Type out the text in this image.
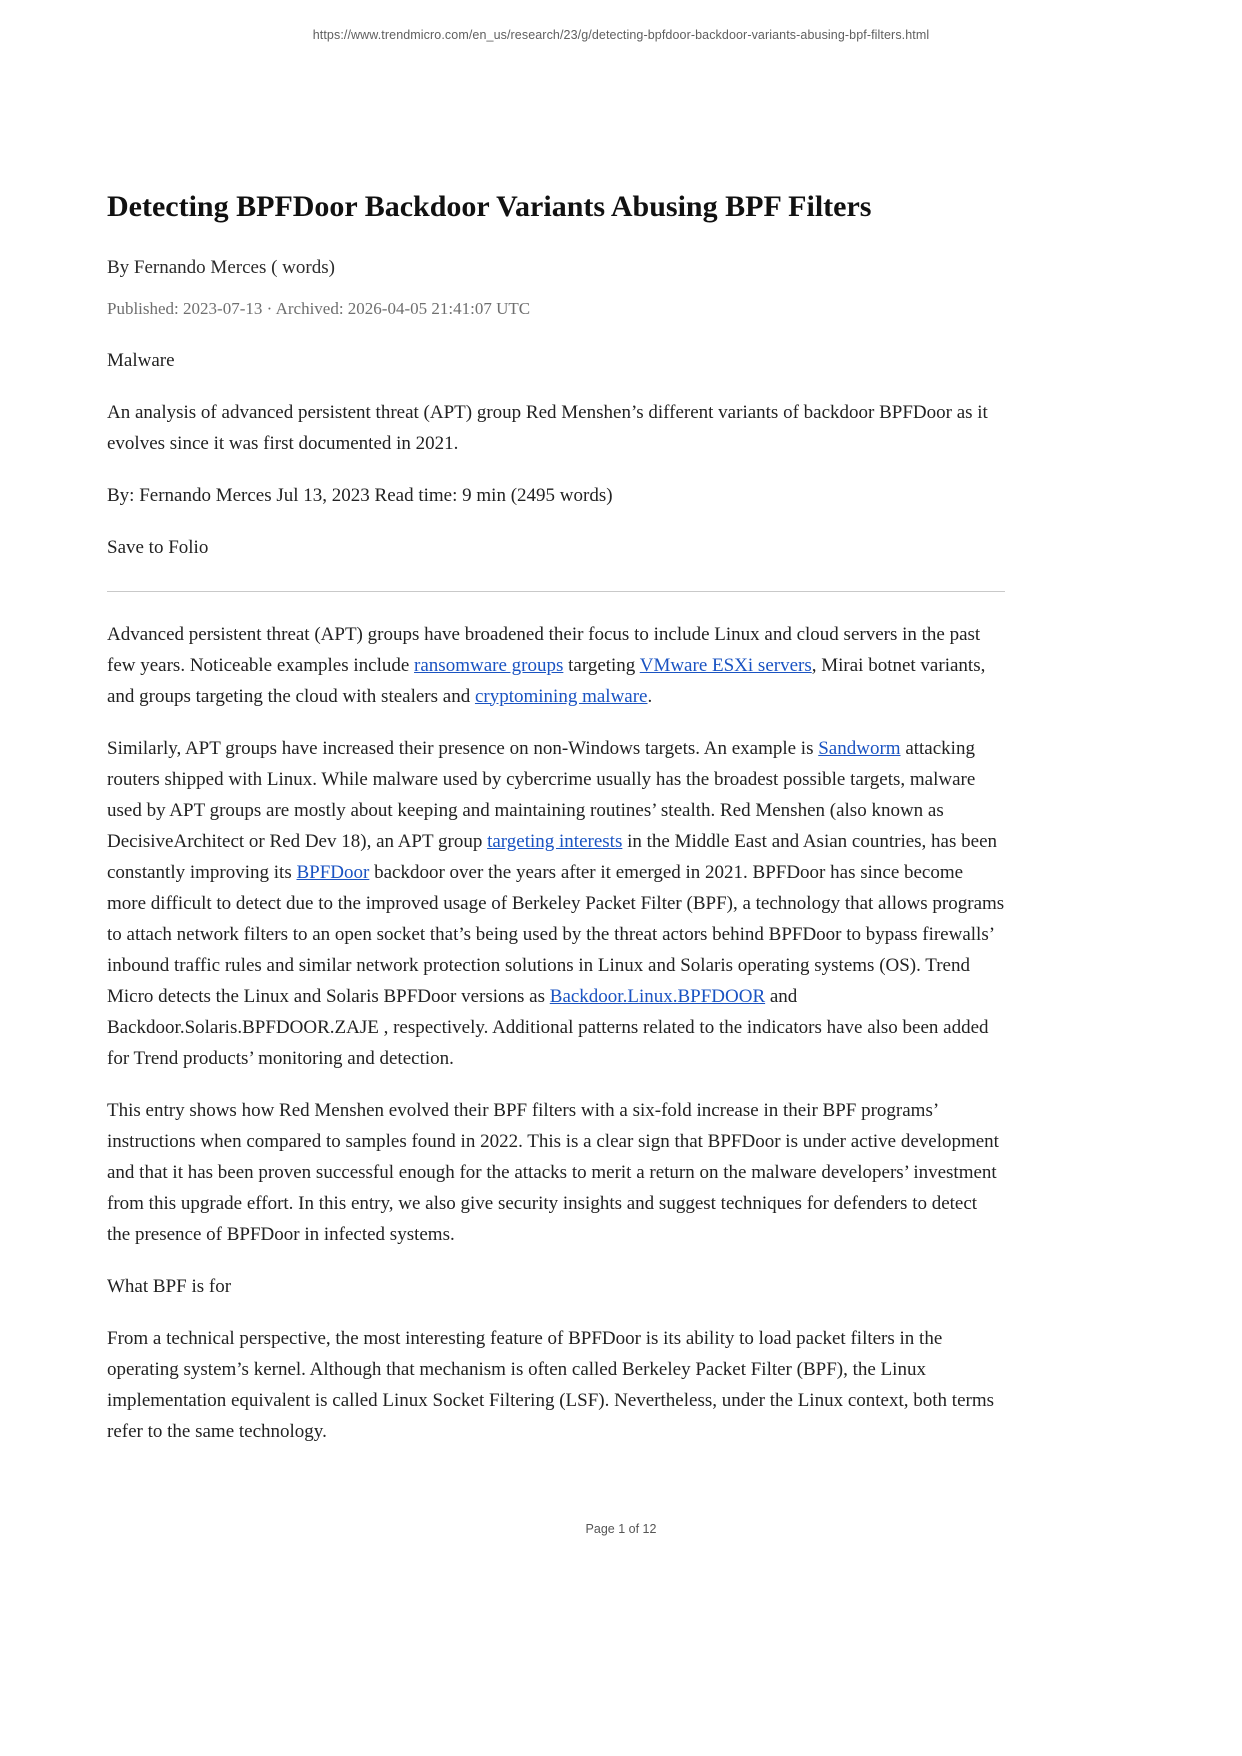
https://www.trendmicro.com/en_us/research/23/g/detecting-bpfdoor-backdoor-variants-abusing-bpf-filters.html
Detecting BPFDoor Backdoor Variants Abusing BPF Filters

By Fernando Merces ( words)

Published: 2023-07-13 · Archived: 2026-04-05 21:41:07 UTC

Malware

An analysis of advanced persistent threat (APT) group Red Menshen’s different variants of backdoor BPFDoor as it evolves since it was first documented in 2021.

By: Fernando Merces Jul 13, 2023 Read time: 9 min (2495 words)

Save to Folio

Advanced persistent threat (APT) groups have broadened their focus to include Linux and cloud servers in the past few years. Noticeable examples include ransomware groups targeting VMware ESXi servers, Mirai botnet variants, and groups targeting the cloud with stealers and cryptomining malware.

Similarly, APT groups have increased their presence on non-Windows targets. An example is Sandworm attacking routers shipped with Linux. While malware used by cybercrime usually has the broadest possible targets, malware used by APT groups are mostly about keeping and maintaining routines’ stealth. Red Menshen (also known as DecisiveArchitect or Red Dev 18), an APT group targeting interests in the Middle East and Asian countries, has been constantly improving its BPFDoor backdoor over the years after it emerged in 2021. BPFDoor has since become more difficult to detect due to the improved usage of Berkeley Packet Filter (BPF), a technology that allows programs to attach network filters to an open socket that’s being used by the threat actors behind BPFDoor to bypass firewalls’ inbound traffic rules and similar network protection solutions in Linux and Solaris operating systems (OS). Trend Micro detects the Linux and Solaris BPFDoor versions as Backdoor.Linux.BPFDOOR and Backdoor.Solaris.BPFDOOR.ZAJE , respectively. Additional patterns related to the indicators have also been added for Trend products’ monitoring and detection.

This entry shows how Red Menshen evolved their BPF filters with a six-fold increase in their BPF programs’ instructions when compared to samples found in 2022. This is a clear sign that BPFDoor is under active development and that it has been proven successful enough for the attacks to merit a return on the malware developers’ investment from this upgrade effort. In this entry, we also give security insights and suggest techniques for defenders to detect the presence of BPFDoor in infected systems.

What BPF is for

From a technical perspective, the most interesting feature of BPFDoor is its ability to load packet filters in the operating system’s kernel. Although that mechanism is often called Berkeley Packet Filter (BPF), the Linux implementation equivalent is called Linux Socket Filtering (LSF). Nevertheless, under the Linux context, both terms refer to the same technology.

Page 1 of 12
